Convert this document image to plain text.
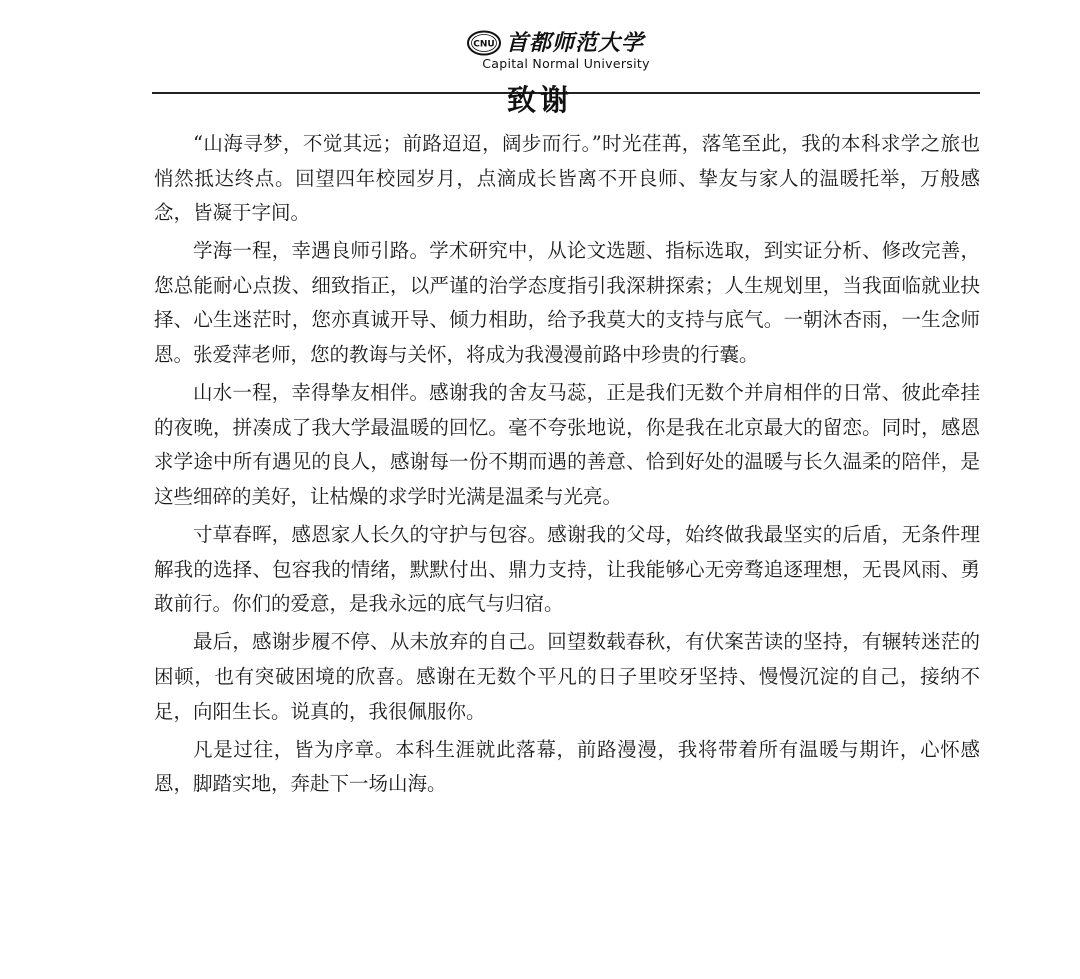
CNU 首都师范大学
Capital Normal University
致谢

“山海寻梦，不觉其远；前路迢迢，阔步而行。”时光荏苒，落笔至此，我的本科求学之旅也悄然抵达终点。回望四年校园岁月，点滴成长皆离不开良师、挚友与家人的温暖托举，万般感念，皆凝于字间。

学海一程，幸遇良师引路。学术研究中，从论文选题、指标选取，到实证分析、修改完善，您总能耐心点拨、细致指正，以严谨的治学态度指引我深耕探索；人生规划里，当我面临就业抉择、心生迷茫时，您亦真诚开导、倾力相助，给予我莫大的支持与底气。一朝沐杏雨，一生念师恩。张爱萍老师，您的教诲与关怀，将成为我漫漫前路中珍贵的行囊。

山水一程，幸得挚友相伴。感谢我的舍友马蕊，正是我们无数个并肩相伴的日常、彼此牵挂的夜晚，拼凑成了我大学最温暖的回忆。毫不夸张地说，你是我在北京最大的留恋。同时，感恩求学途中所有遇见的良人，感谢每一份不期而遇的善意、恰到好处的温暖与长久温柔的陪伴，是这些细碎的美好，让枯燥的求学时光满是温柔与光亮。

寸草春晖，感恩家人长久的守护与包容。感谢我的父母，始终做我最坚实的后盾，无条件理解我的选择、包容我的情绪，默默付出、鼎力支持，让我能够心无旁骛追逐理想，无畏风雨、勇敢前行。你们的爱意，是我永远的底气与归宿。

最后，感谢步履不停、从未放弃的自己。回望数载春秋，有伏案苦读的坚持，有辗转迷茫的困顿，也有突破困境的欣喜。感谢在无数个平凡的日子里咬牙坚持、慢慢沉淀的自己，接纳不足，向阳生长。说真的，我很佩服你。

凡是过往，皆为序章。本科生涯就此落幕，前路漫漫，我将带着所有温暖与期许，心怀感恩，脚踏实地，奔赴下一场山海。
